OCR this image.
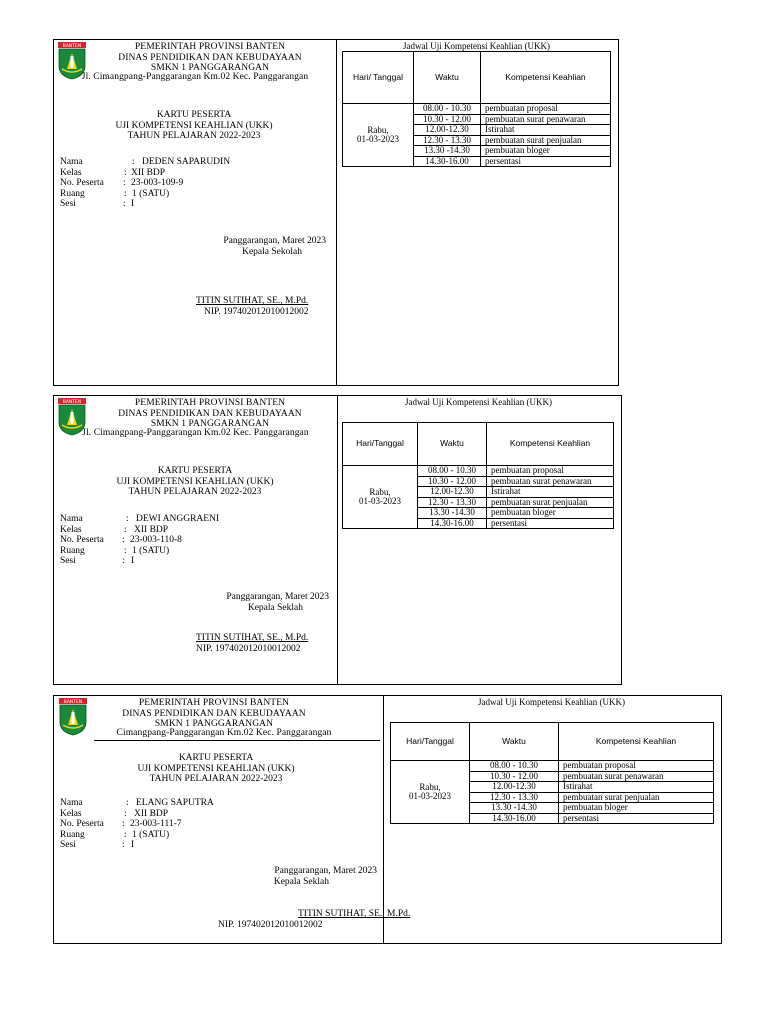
BANTEN	PEMERINTAH PROVINSI BANTEN
DINAS PENDIDIKAN DAN KEBUDAYAAN
SMKN 1 PANGGARANGAN
Jl. Cimangpang-Panggarangan Km.02 Kec. Panggarangan
KARTU PESERTA
UJI KOMPETENSI KEAHLIAN (UKK)
TAHUN PELAJARAN 2022-2023
Nama	: DEDEN SAPARUDIN
Kelas	: XII BDP
No. Peserta : 23-003-109-9
Ruang	: 1 (SATU)
Sesi	: I
Panggarangan, Maret 2023
Kepala Sekolah
TITIN SUTIHAT, SE., M.Pd.
NIP. 197402012010012002
Jadwal Uji Kompetensi Keahlian (UKK)
Hari/ Tanggal	Waktu	Kompetensi Keahlian

Rabu,
01-03-2023	08.00 - 10.30	pembuatan proposal
	10.30 - 12.00	pembuatan surat penawaran
	12.00-12.30	Istirahat
	12.30 - 13.30	pembuatan surat penjualan
	13.30 -14.30	pembuatan bloger
	14.30-16.00	persentasi
BANTEN	PEMERINTAH PROVINSI BANTEN
DINAS PENDIDIKAN DAN KEBUDAYAAN
SMKN 1 PANGGARANGAN
Jl. Cimangpang-Panggarangan Km.02 Kec. Panggarangan
KARTU PESERTA
UJI KOMPETENSI KEAHLIAN (UKK)
TAHUN PELAJARAN 2022-2023
Nama	: DEWI ANGGRAENI
Kelas	: XII BDP
No. Peserta : 23-003-110-8
Ruang	: 1 (SATU)
Sesi	: I
Panggarangan, Maret 2023
Kepala Seklah
TITIN SUTIHAT, SE., M.Pd.
NIP. 197402012010012002
Jadwal Uji Kompetensi Keahlian (UKK)
Hari/Tanggal	Waktu	Kompetensi Keahlian

Rabu,
01-03-2023	08.00 - 10.30	pembuatan proposal
	10.30 - 12.00	pembuatan surat penawaran
	12.00-12.30	Istirahat
	12.30 - 13.30	pembuatan surat penjualan
	13.30 -14.30	pembuatan bloger
	14.30-16.00	persentasi
BANTEN	PEMERINTAH PROVINSI BANTEN
DINAS PENDIDIKAN DAN KEBUDAYAAN
SMKN 1 PANGGARANGAN
Cimangpang-Panggarangan Km.02 Kec. Panggarangan
KARTU PESERTA
UJI KOMPETENSI KEAHLIAN (UKK)
TAHUN PELAJARAN 2022-2023
Nama	: ELANG SAPUTRA
Kelas	: XII BDP
No. Peserta : 23-003-111-7
Ruang	: 1 (SATU)
Sesi	: I
Panggarangan, Maret 2023
Kepala Seklah
TITIN SUTIHAT, SE., M.Pd.
NIP. 197402012010012002
Jadwal Uji Kompetensi Keahlian (UKK)
Hari/Tanggal	Waktu	Kompetensi Keahlian

Rabu,
01-03-2023	08.00 - 10.30	pembuatan proposal
	10.30 - 12.00	pembuatan surat penawaran
	12.00-12.30	Istirahat
	12.30 - 13.30	pembuatan surat penjualan
	13.30 -14.30	pembuatan bloger
	14.30-16.00	persentasi
